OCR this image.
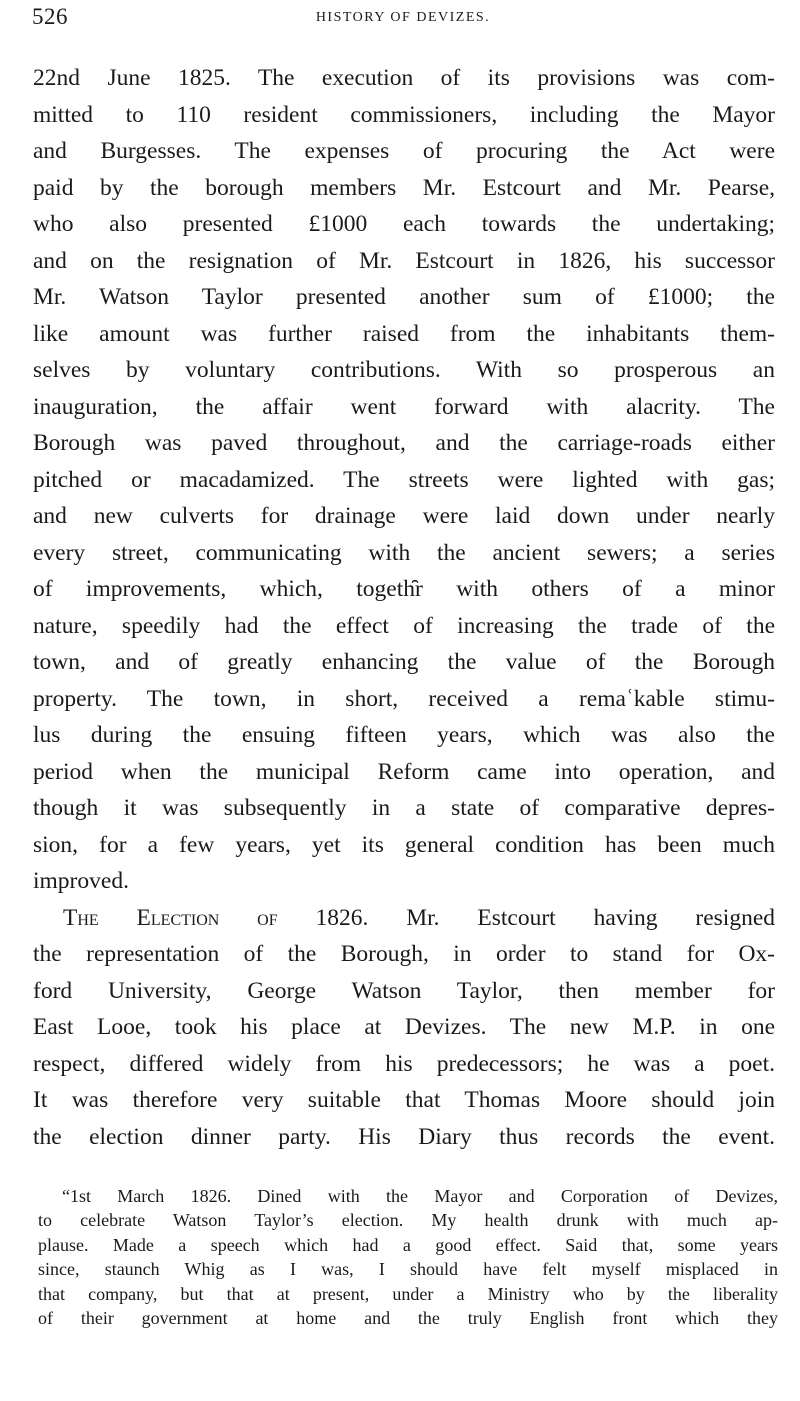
526	HISTORY OF DEVIZES.
22nd June 1825. The execution of its provisions was com-
mitted to 110 resident commissioners, including the Mayor
and Burgesses. The expenses of procuring the Act were
paid by the borough members Mr. Estcourt and Mr. Pearse,
who also presented £1000 each towards the undertaking;
and on the resignation of Mr. Estcourt in 1826, his successor
Mr. Watson Taylor presented another sum of £1000; the
like amount was further raised from the inhabitants them-
selves by voluntary contributions. With so prosperous an
inauguration, the affair went forward with alacrity. The
Borough was paved throughout, and the carriage-roads either
pitched or macadamized. The streets were lighted with gas;
and new culverts for drainage were laid down under nearly
every street, communicating with the ancient sewers; a series
of improvements, which, togeth̑r with others of a minor
nature, speedily had the effect of increasing the trade of the
town, and of greatly enhancing the value of the Borough
property. The town, in short, received a remaʿkable stimu-
lus during the ensuing fifteen years, which was also the
period when the municipal Reform came into operation, and
though it was subsequently in a state of comparative depres-
sion, for a few years, yet its general condition has been much
improved.
The Election of 1826. Mr. Estcourt having resigned
the representation of the Borough, in order to stand for Ox-
ford University, George Watson Taylor, then member for
East Looe, took his place at Devizes. The new M.P. in one
respect, differed widely from his predecessors; he was a poet.
It was therefore very suitable that Thomas Moore should join
the election dinner party. His Diary thus records the event.
“1st March 1826. Dined with the Mayor and Corporation of Devizes,
to celebrate Watson Taylor’s election. My health drunk with much ap-
plause. Made a speech which had a good effect. Said that, some years
since, staunch Whig as I was, I should have felt myself misplaced in
that company, but that at present, under a Ministry who by the liberality
of their government at home and the truly English front which they
